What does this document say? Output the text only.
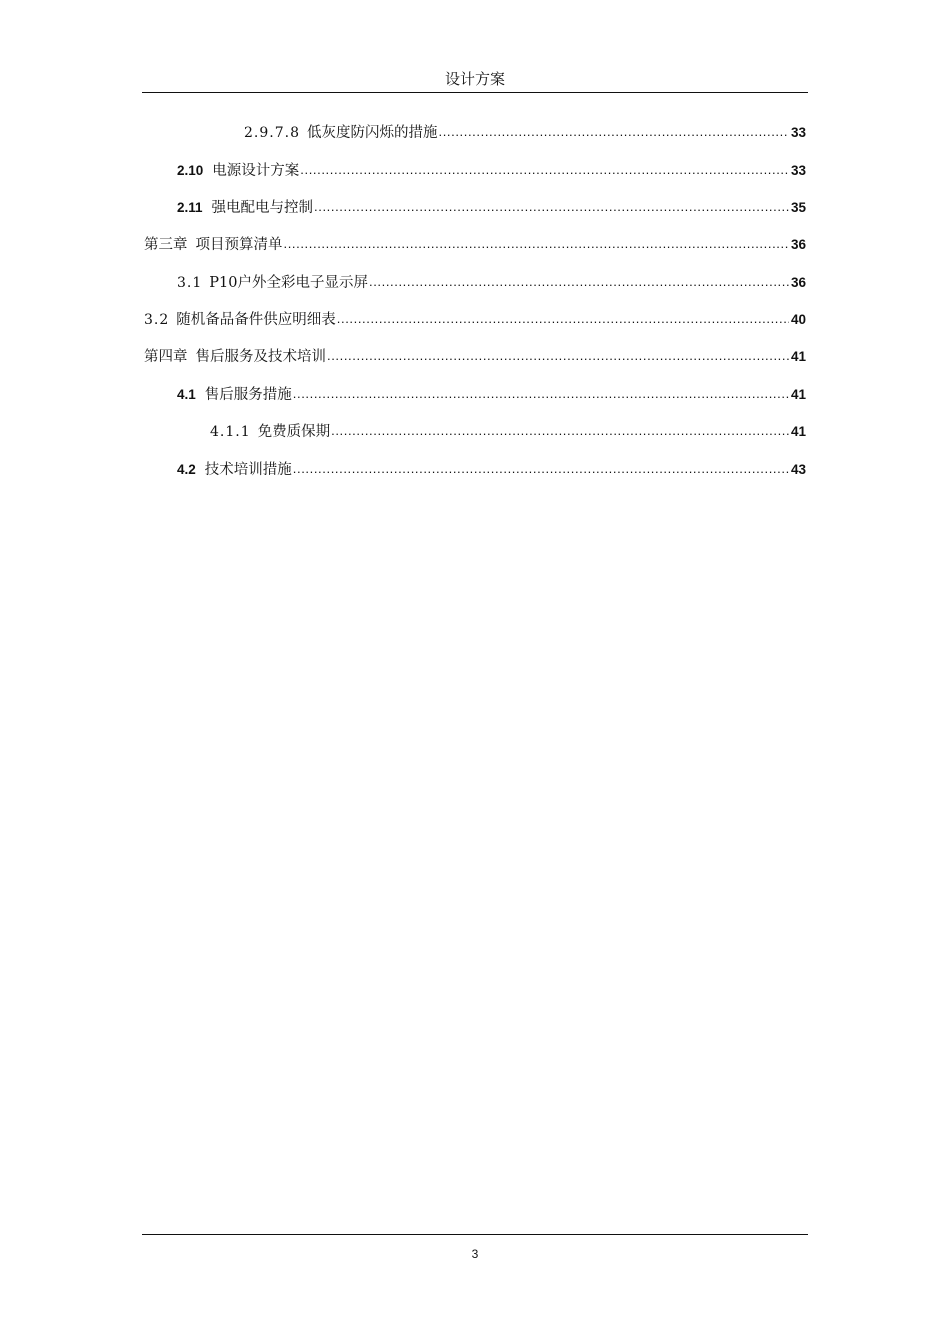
设计方案
2.9.7.8 低灰度防闪烁的措施 .....	33
2.10 电源设计方案 .....	33
2.11 强电配电与控制 .....	35
第三章 项目预算清单 .....	36
3.1 P10户外全彩电子显示屏 .....	36
3.2 随机备品备件供应明细表 .....	40
第四章 售后服务及技术培训 .....	41
4.1 售后服务措施 .....	41
4.1.1 免费质保期 .....	41
4.2 技术培训措施 .....	43
3
